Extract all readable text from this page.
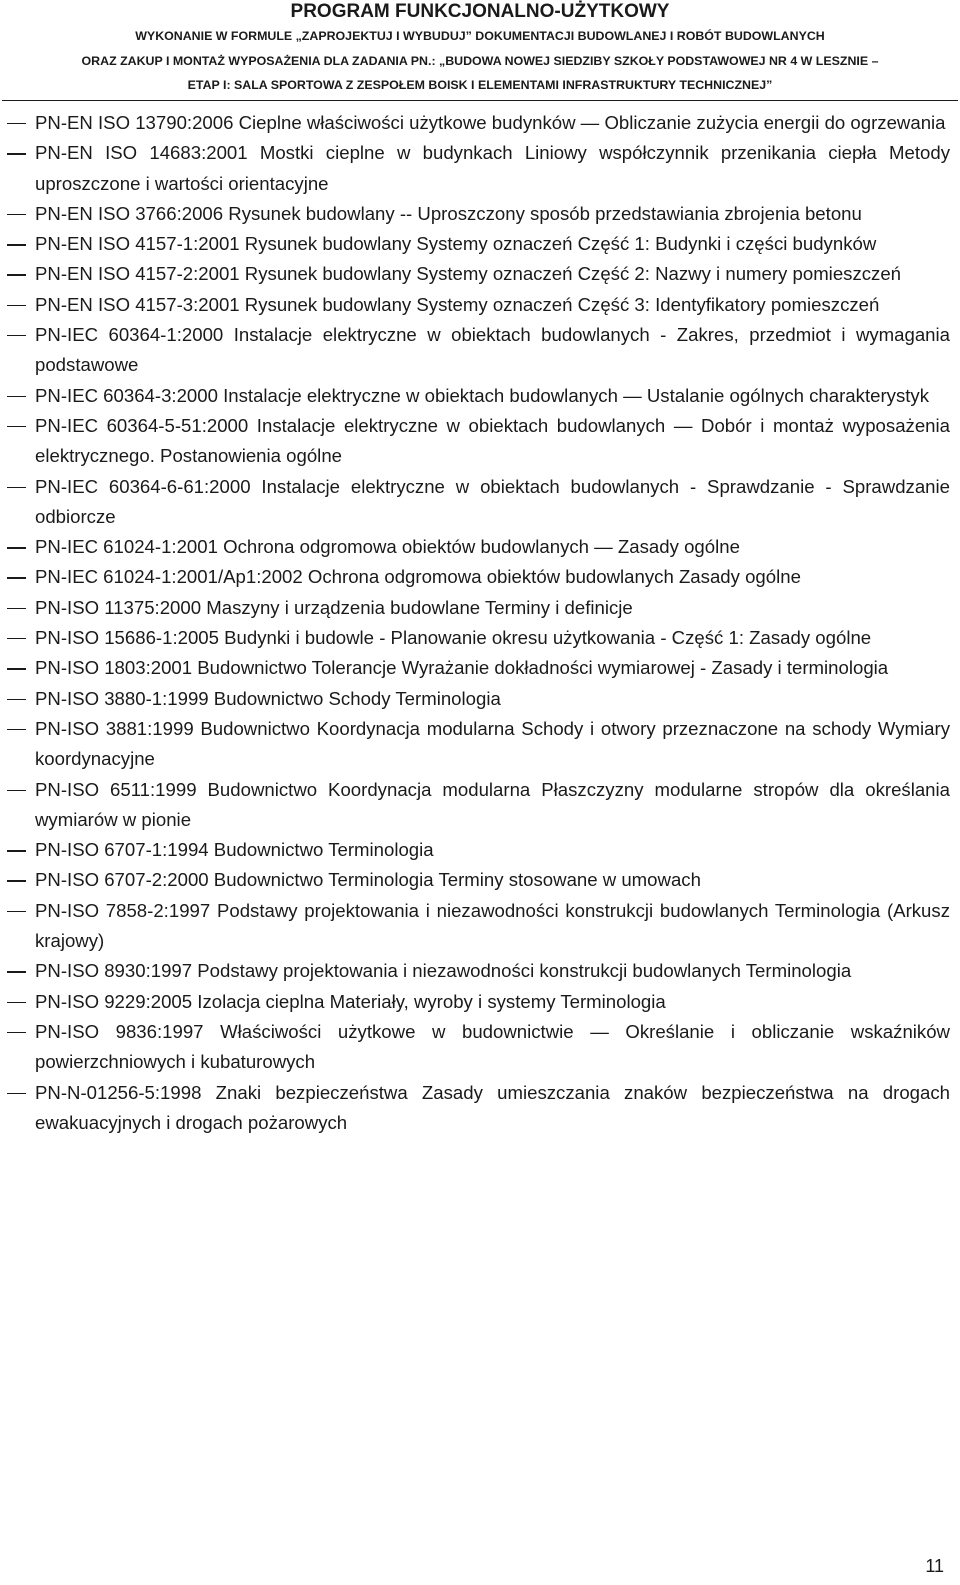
PROGRAM FUNKCJONALNO-UŻYTKOWY
WYKONANIE W FORMULE „ZAPROJEKTUJ I WYBUDUJ” DOKUMENTACJI BUDOWLANEJ I ROBÓT BUDOWLANYCH
ORAZ ZAKUP I MONTAŻ WYPOSAŻENIA DLA ZADANIA PN.: „BUDOWA NOWEJ SIEDZIBY SZKOŁY PODSTAWOWEJ NR 4 W LESZNIE –
ETAP I: SALA SPORTOWA Z ZESPOŁEM BOISK I ELEMENTAMI INFRASTRUKTURY TECHNICZNEJ”
PN-EN ISO 13790:2006 Cieplne właściwości użytkowe budynków ― Obliczanie zużycia energii do ogrzewania
PN-EN ISO 14683:2001 Mostki cieplne w budynkach Liniowy współczynnik przenikania ciepła Metody uproszczone i wartości orientacyjne
PN-EN ISO 3766:2006 Rysunek budowlany -- Uproszczony sposób przedstawiania zbrojenia betonu
PN-EN ISO 4157-1:2001 Rysunek budowlany Systemy oznaczeń Część 1: Budynki i części budynków
PN-EN ISO 4157-2:2001 Rysunek budowlany Systemy oznaczeń Część 2: Nazwy i numery pomieszczeń
PN-EN ISO 4157-3:2001 Rysunek budowlany Systemy oznaczeń Część 3: Identyfikatory pomieszczeń
PN-IEC 60364-1:2000 Instalacje elektryczne w obiektach budowlanych - Zakres, przedmiot i wymagania podstawowe
PN-IEC 60364-3:2000 Instalacje elektryczne w obiektach budowlanych ― Ustalanie ogólnych charakterystyk
PN-IEC 60364-5-51:2000 Instalacje elektryczne w obiektach budowlanych ― Dobór i montaż wyposażenia elektrycznego. Postanowienia ogólne
PN-IEC 60364-6-61:2000 Instalacje elektryczne w obiektach budowlanych - Sprawdzanie - Sprawdzanie odbiorcze
PN-IEC 61024-1:2001 Ochrona odgromowa obiektów budowlanych ― Zasady ogólne
PN-IEC 61024-1:2001/Ap1:2002 Ochrona odgromowa obiektów budowlanych Zasady ogólne
PN-ISO 11375:2000 Maszyny i urządzenia budowlane Terminy i definicje
PN-ISO 15686-1:2005 Budynki i budowle - Planowanie okresu użytkowania - Część 1: Zasady ogólne
PN-ISO 1803:2001 Budownictwo Tolerancje Wyrażanie dokładności wymiarowej - Zasady i terminologia
PN-ISO 3880-1:1999 Budownictwo Schody Terminologia
PN-ISO 3881:1999 Budownictwo Koordynacja modularna Schody i otwory przeznaczone na schody Wymiary koordynacyjne
PN-ISO 6511:1999 Budownictwo Koordynacja modularna Płaszczyzny modularne stropów dla określania wymiarów w pionie
PN-ISO 6707-1:1994 Budownictwo Terminologia
PN-ISO 6707-2:2000 Budownictwo Terminologia Terminy stosowane w umowach
PN-ISO 7858-2:1997 Podstawy projektowania i niezawodności konstrukcji budowlanych Terminologia (Arkusz krajowy)
PN-ISO 8930:1997 Podstawy projektowania i niezawodności konstrukcji budowlanych Terminologia
PN-ISO 9229:2005 Izolacja cieplna Materiały, wyroby i systemy Terminologia
PN-ISO 9836:1997 Właściwości użytkowe w budownictwie ― Określanie i obliczanie wskaźników powierzchniowych i kubaturowych
PN-N-01256-5:1998 Znaki bezpieczeństwa Zasady umieszczania znaków bezpieczeństwa na drogach ewakuacyjnych i drogach pożarowych
11
